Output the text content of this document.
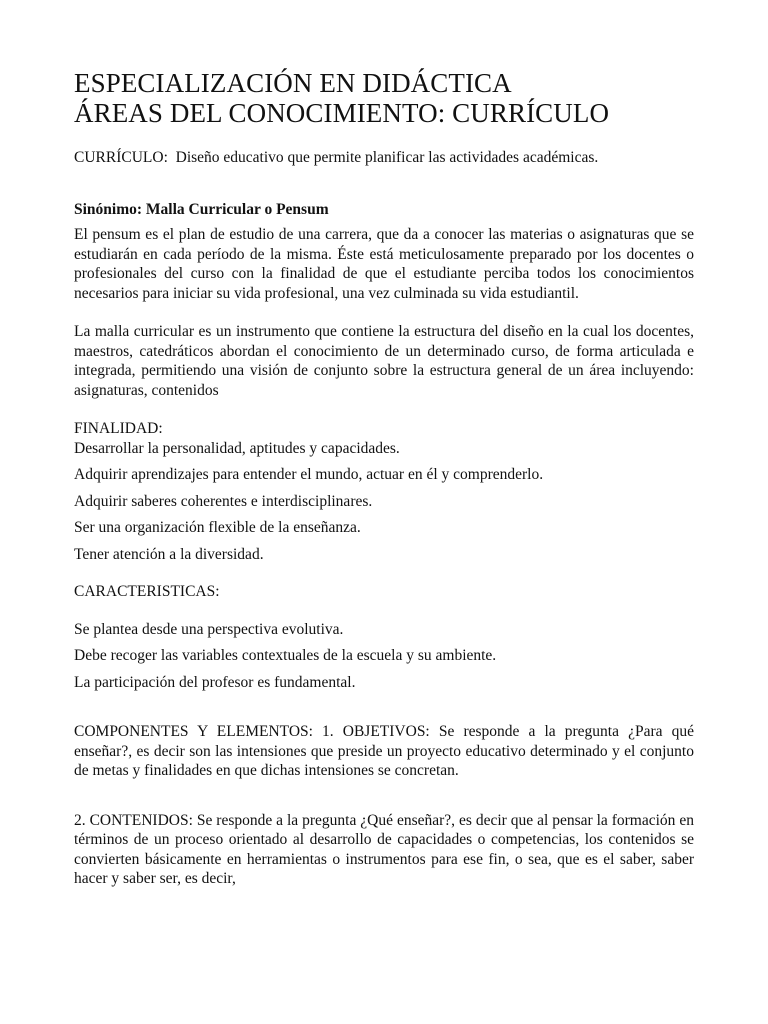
ESPECIALIZACIÓN EN DIDÁCTICA
ÁREAS DEL CONOCIMIENTO: CURRÍCULO

CURRÍCULO:  Diseño educativo que permite planificar las actividades académicas.

Sinónimo: Malla Curricular o Pensum

El pensum es el plan de estudio de una carrera, que da a conocer las materias o asignaturas que se estudiarán en cada período de la misma. Éste está meticulosamente preparado por los docentes o profesionales del curso con la finalidad de que el estudiante perciba todos los conocimientos necesarios para iniciar su vida profesional, una vez culminada su vida estudiantil.

La malla curricular es un instrumento que contiene la estructura del diseño en la cual los docentes, maestros, catedráticos abordan el conocimiento de un determinado curso, de forma articulada e integrada, permitiendo una visión de conjunto sobre la estructura general de un área incluyendo: asignaturas, contenidos

FINALIDAD:

Desarrollar la personalidad, aptitudes y capacidades.

Adquirir aprendizajes para entender el mundo, actuar en él y comprenderlo.

Adquirir saberes coherentes e interdisciplinares.

Ser una organización flexible de la enseñanza.

Tener atención a la diversidad.

CARACTERISTICAS:

Se plantea desde una perspectiva evolutiva.

Debe recoger las variables contextuales de la escuela y su ambiente.

La participación del profesor es fundamental.

COMPONENTES Y ELEMENTOS: 1. OBJETIVOS: Se responde a la pregunta ¿Para qué enseñar?, es decir son las intensiones que preside un proyecto educativo determinado y el conjunto de metas y finalidades en que dichas intensiones se concretan.

2. CONTENIDOS: Se responde a la pregunta ¿Qué enseñar?, es decir que al pensar la formación en términos de un proceso orientado al desarrollo de capacidades o competencias, los contenidos se convierten básicamente en herramientas o instrumentos para ese fin, o sea, que es el saber, saber hacer y saber ser, es decir,
